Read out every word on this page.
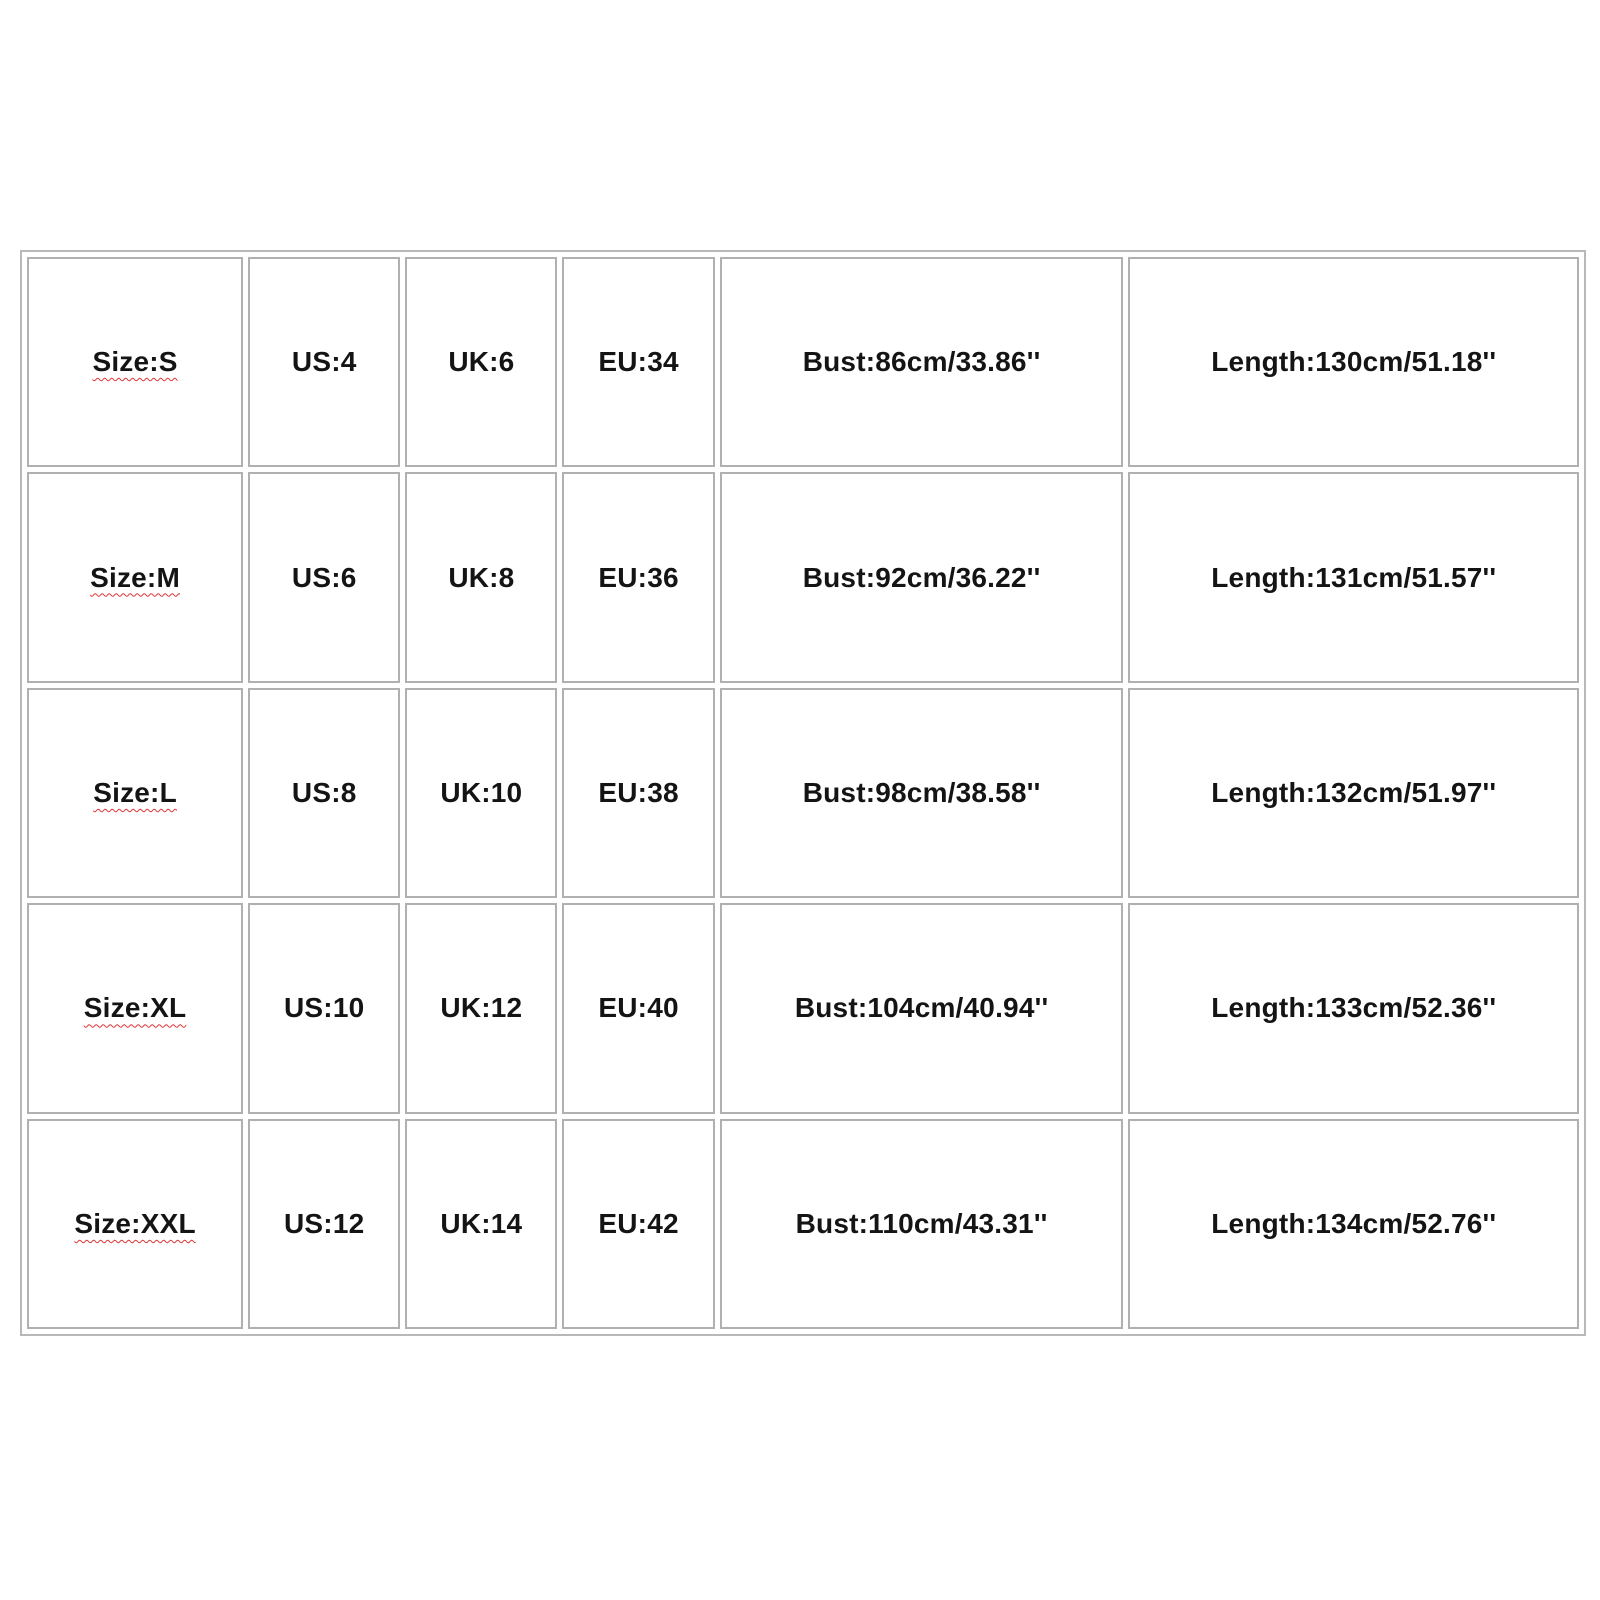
Size:S	US:4	UK:6	EU:34	Bust:86cm/33.86''	Length:130cm/51.18''
Size:M	US:6	UK:8	EU:36	Bust:92cm/36.22''	Length:131cm/51.57''
Size:L	US:8	UK:10	EU:38	Bust:98cm/38.58''	Length:132cm/51.97''
Size:XL	US:10	UK:12	EU:40	Bust:104cm/40.94''	Length:133cm/52.36''
Size:XXL	US:12	UK:14	EU:42	Bust:110cm/43.31''	Length:134cm/52.76''
